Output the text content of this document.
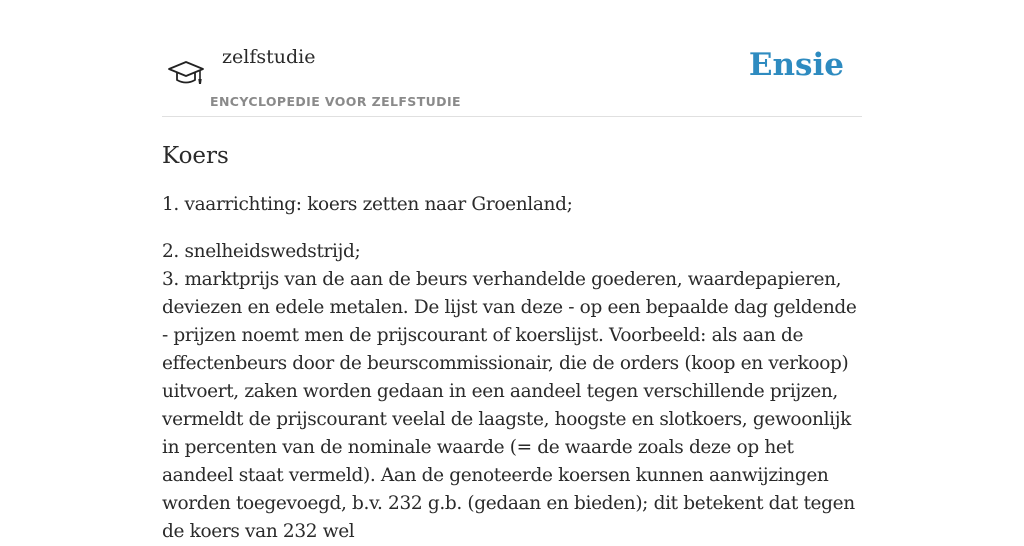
zelfstudie
ENCYCLOPEDIE VOOR ZELFSTUDIE
Ensie
Koers

1. vaarrichting: koers zetten naar Groenland;

2. snelheidswedstrijd;

3. marktprijs van de aan de beurs verhandelde goederen, waardepapieren, deviezen en edele metalen. De lijst van deze - op een bepaalde dag geldende - prijzen noemt men de prijscourant of koerslijst. Voorbeeld: als aan de effectenbeurs door de beurscommissionair, die de orders (koop en verkoop) uitvoert, zaken worden gedaan in een aandeel tegen verschillende prijzen, vermeldt de prijscourant veelal de laagste, hoogste en slotkoers, gewoonlijk in percenten van de nominale waarde (= de waarde zoals deze op het aandeel staat vermeld). Aan de genoteerde koersen kunnen aanwijzingen worden toegevoegd, b.v. 232 g.b. (gedaan en bieden); dit betekent dat tegen de koers van 232 wel
